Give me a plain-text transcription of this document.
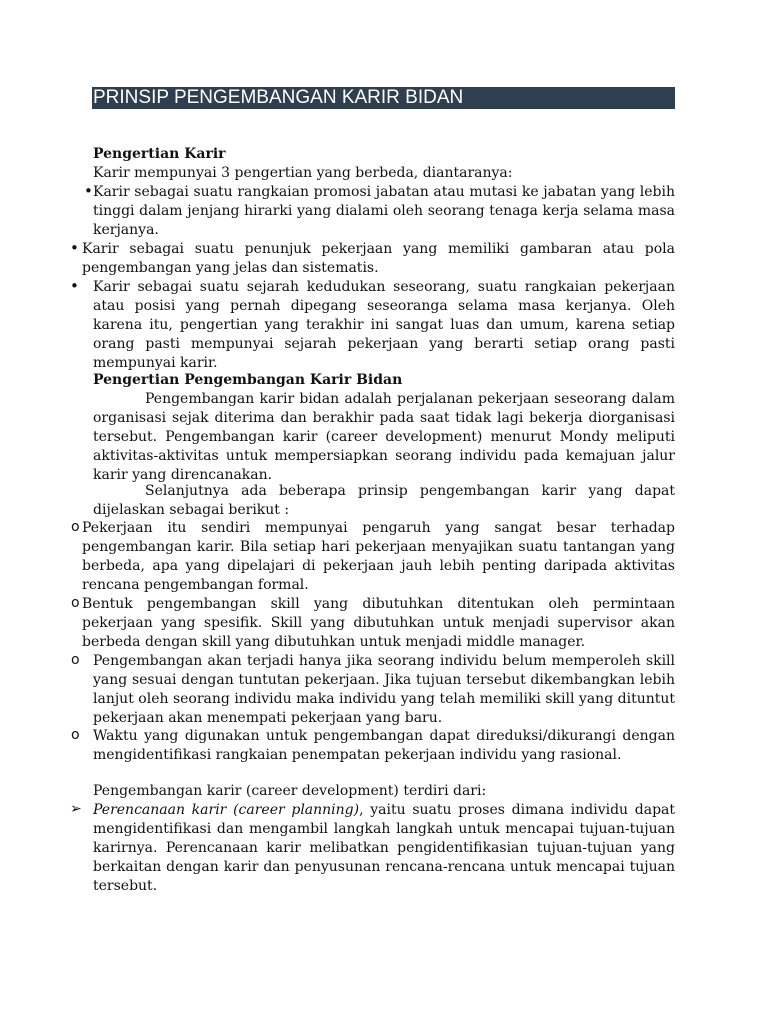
PRINSIP PENGEMBANGAN KARIR BIDAN

Pengertian Karir

Karir mempunyai 3 pengertian yang berbeda, diantaranya:

• Karir sebagai suatu rangkaian promosi jabatan atau mutasi ke jabatan yang lebih tinggi dalam jenjang hirarki yang dialami oleh seorang tenaga kerja selama masa kerjanya.

• Karir sebagai suatu penunjuk pekerjaan yang memiliki gambaran atau pola pengembangan yang jelas dan sistematis.

• Karir sebagai suatu sejarah kedudukan seseorang, suatu rangkaian pekerjaan atau posisi yang pernah dipegang seseoranga selama masa kerjanya. Oleh karena itu, pengertian yang terakhir ini sangat luas dan umum, karena setiap orang pasti mempunyai sejarah pekerjaan yang berarti setiap orang pasti mempunyai karir.

Pengertian Pengembangan Karir Bidan

Pengembangan karir bidan adalah perjalanan pekerjaan seseorang dalam organisasi sejak diterima dan berakhir pada saat tidak lagi bekerja diorganisasi tersebut. Pengembangan karir (career development) menurut Mondy meliputi aktivitas-aktivitas untuk mempersiapkan seorang individu pada kemajuan jalur karir yang direncanakan.

Selanjutnya ada beberapa prinsip pengembangan karir yang dapat dijelaskan sebagai berikut :

o Pekerjaan itu sendiri mempunyai pengaruh yang sangat besar terhadap pengembangan karir. Bila setiap hari pekerjaan menyajikan suatu tantangan yang berbeda, apa yang dipelajari di pekerjaan jauh lebih penting daripada aktivitas rencana pengembangan formal.

o Bentuk pengembangan skill yang dibutuhkan ditentukan oleh permintaan pekerjaan yang spesifik. Skill yang dibutuhkan untuk menjadi supervisor akan berbeda dengan skill yang dibutuhkan untuk menjadi middle manager.

o Pengembangan akan terjadi hanya jika seorang individu belum memperoleh skill yang sesuai dengan tuntutan pekerjaan. Jika tujuan tersebut dikembangkan lebih lanjut oleh seorang individu maka individu yang telah memiliki skill yang dituntut pekerjaan akan menempati pekerjaan yang baru.

o Waktu yang digunakan untuk pengembangan dapat direduksi/dikurangi dengan mengidentifikasi rangkaian penempatan pekerjaan individu yang rasional.

Pengembangan karir (career development) terdiri dari:

➢ Perencanaan karir (career planning), yaitu suatu proses dimana individu dapat mengidentifikasi dan mengambil langkah langkah untuk mencapai tujuan-tujuan karirnya. Perencanaan karir melibatkan pengidentifikasian tujuan-tujuan yang berkaitan dengan karir dan penyusunan rencana-rencana untuk mencapai tujuan tersebut.
